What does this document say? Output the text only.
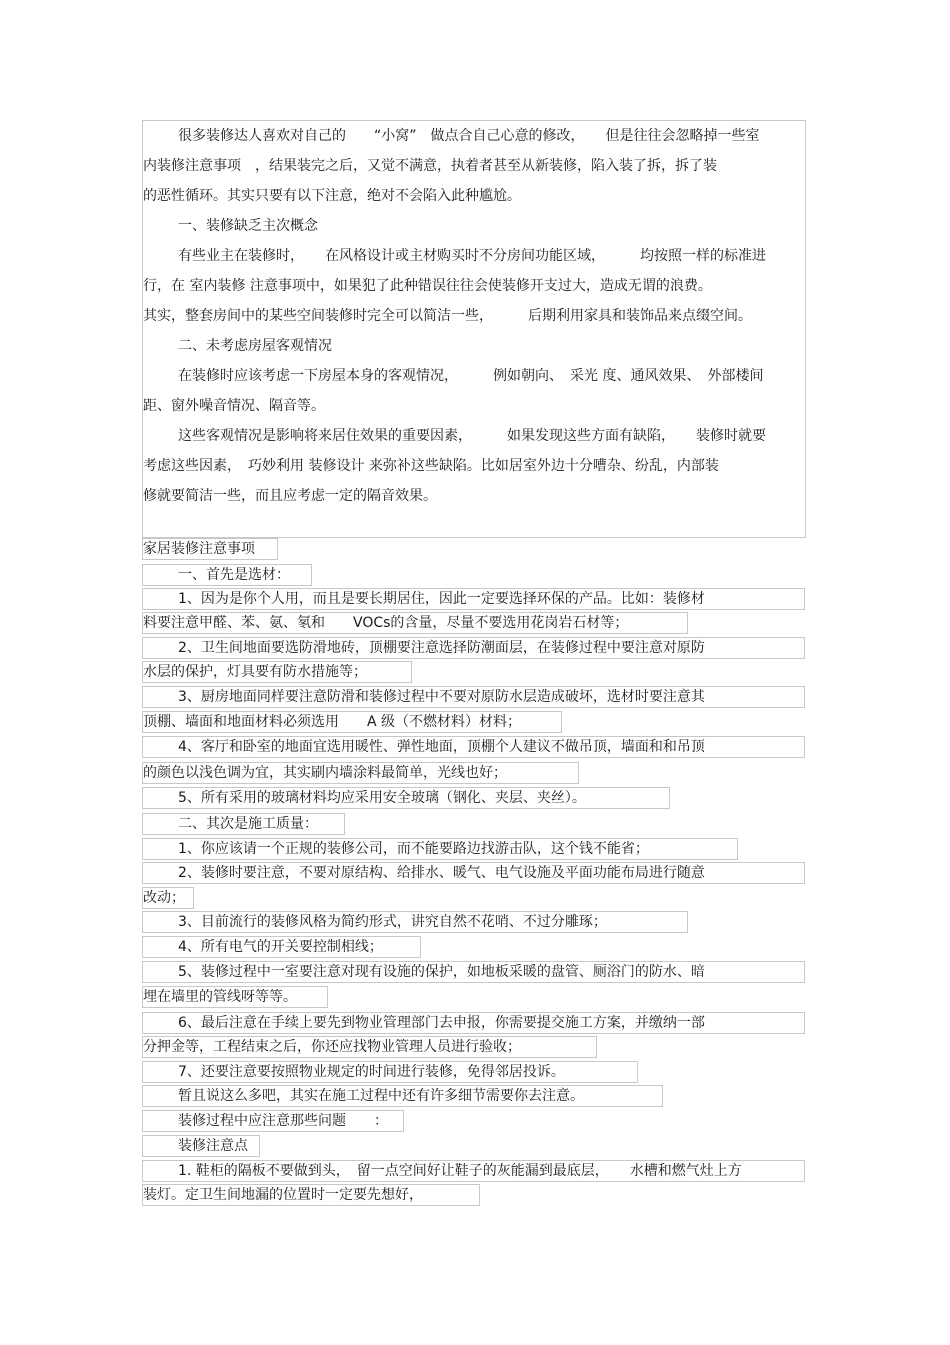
很多装修达人喜欢对自己的　　“小窝”　做点合自己心意的修改，　　但是往往会忽略掉一些室
内装修注意事项　，结果装完之后，又觉不满意，执着者甚至从新装修，陷入装了拆，拆了装
的恶性循环。其实只要有以下注意，绝对不会陷入此种尴尬。
一、装修缺乏主次概念
有些业主在装修时，　　在风格设计或主材购买时不分房间功能区域，　　　均按照一样的标准进
行，在 室内装修 注意事项中，如果犯了此种错误往往会使装修开支过大，造成无谓的浪费。
其实，整套房间中的某些空间装修时完全可以简洁一些，　　　后期利用家具和装饰品来点缀空间。
二、未考虑房屋客观情况
在装修时应该考虑一下房屋本身的客观情况，　　　例如朝向、　采光 度、通风效果、　外部楼间
距、窗外噪音情况、隔音等。
这些客观情况是影响将来居住效果的重要因素，　　　如果发现这些方面有缺陷，　　装修时就要
考虑这些因素，　巧妙利用 装修设计 来弥补这些缺陷。比如居室外边十分嘈杂、纷乱，内部装
修就要简洁一些，而且应考虑一定的隔音效果。
家居装修注意事项
一、首先是选材：
1、因为是你个人用，而且是要长期居住，因此一定要选择环保的产品。比如：装修材
料要注意甲醛、苯、氨、氡和　　VOCs的含量，尽量不要选用花岗岩石材等；
2、卫生间地面要选防滑地砖，顶棚要注意选择防潮面层，在装修过程中要注意对原防
水层的保护，灯具要有防水措施等；
3、厨房地面同样要注意防滑和装修过程中不要对原防水层造成破坏，选材时要注意其
顶棚、墙面和地面材料必须选用　　A 级（不燃材料）材料；
4、客厅和卧室的地面宜选用暖性、弹性地面，顶棚个人建议不做吊顶，墙面和和吊顶
的颜色以浅色调为宜，其实刷内墙涂料最简单，光线也好；
5、所有采用的玻璃材料均应采用安全玻璃（钢化、夹层、夹丝）。
二、其次是施工质量：
1、你应该请一个正规的装修公司，而不能要路边找游击队，这个钱不能省；
2、装修时要注意，不要对原结构、给排水、暖气、电气设施及平面功能布局进行随意
改动；
3、目前流行的装修风格为简约形式，讲究自然不花哨、不过分雕琢；
4、所有电气的开关要控制相线；
5、装修过程中一室要注意对现有设施的保护，如地板采暖的盘管、厕浴门的防水、暗
埋在墙里的管线呀等等。
6、最后注意在手续上要先到物业管理部门去申报，你需要提交施工方案，并缴纳一部
分押金等，工程结束之后，你还应找物业管理人员进行验收；
7、还要注意要按照物业规定的时间进行装修，免得邻居投诉。
暂且说这么多吧，其实在施工过程中还有许多细节需要你去注意。
装修过程中应注意那些问题　　：
装修注意点
1. 鞋柜的隔板不要做到头，　留一点空间好让鞋子的灰能漏到最底层，　　水槽和燃气灶上方
装灯。定卫生间地漏的位置时一定要先想好，
